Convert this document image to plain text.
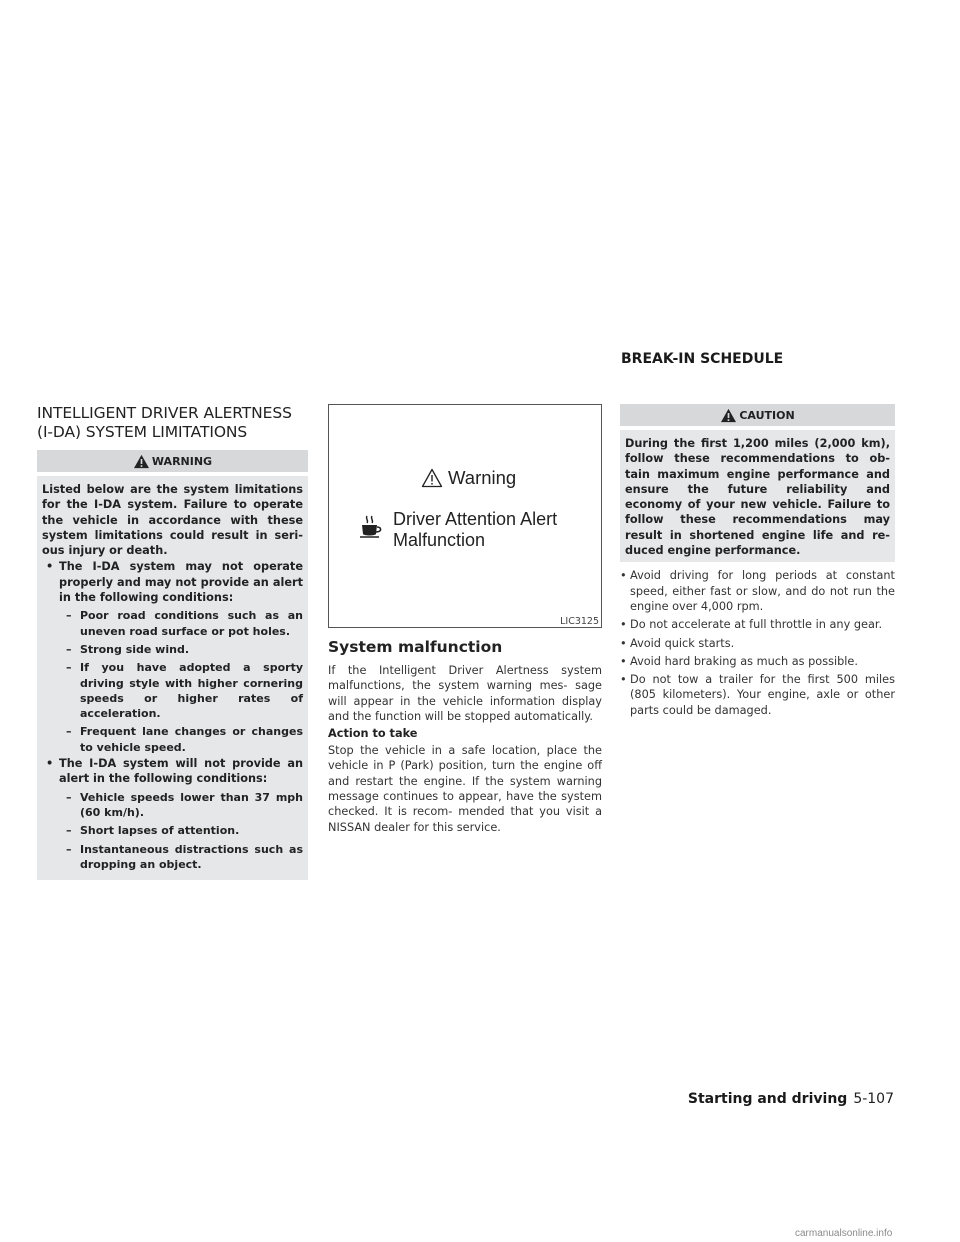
BREAK-IN SCHEDULE
INTELLIGENT DRIVER ALERTNESS
(I-DA) SYSTEM LIMITATIONS
WARNING

Listed below are the system limitations for the I-DA system. Failure to operate the vehicle in accordance with these system limitations could result in seri- ous injury or death.

• The I-DA system may not operate properly and may not provide an alert in the following conditions:
– Poor road conditions such as an uneven road surface or pot holes.
– Strong side wind.
– If you have adopted a sporty driving style with higher cornering speeds or higher rates of acceleration.
– Frequent lane changes or changes to vehicle speed.
• The I-DA system will not provide an alert in the following conditions:
– Vehicle speeds lower than 37 mph (60 km/h).
– Short lapses of attention.
– Instantaneous distractions such as dropping an object.
Warning
Driver Attention Alert
Malfunction
LIC3125
System malfunction

If the Intelligent Driver Alertness system malfunctions, the system warning mes- sage will appear in the vehicle information display and the function will be stopped automatically.

Action to take

Stop the vehicle in a safe location, place the vehicle in P (Park) position, turn the engine off and restart the engine. If the system warning message continues to appear, have the system checked. It is recom- mended that you visit a NISSAN dealer for this service.

CAUTION
During the first 1,200 miles (2,000 km), follow these recommendations to ob- tain maximum engine performance and ensure the future reliability and economy of your new vehicle. Failure to follow these recommendations may result in shortened engine life and re- duced engine performance.
• Avoid driving for long periods at constant speed, either fast or slow, and do not run the engine over 4,000 rpm.
• Do not accelerate at full throttle in any gear.
• Avoid quick starts.
• Avoid hard braking as much as possible.
• Do not tow a trailer for the first 500 miles (805 kilometers). Your engine, axle or other parts could be damaged.
Starting and driving 5-107
carmanualsonline.info
